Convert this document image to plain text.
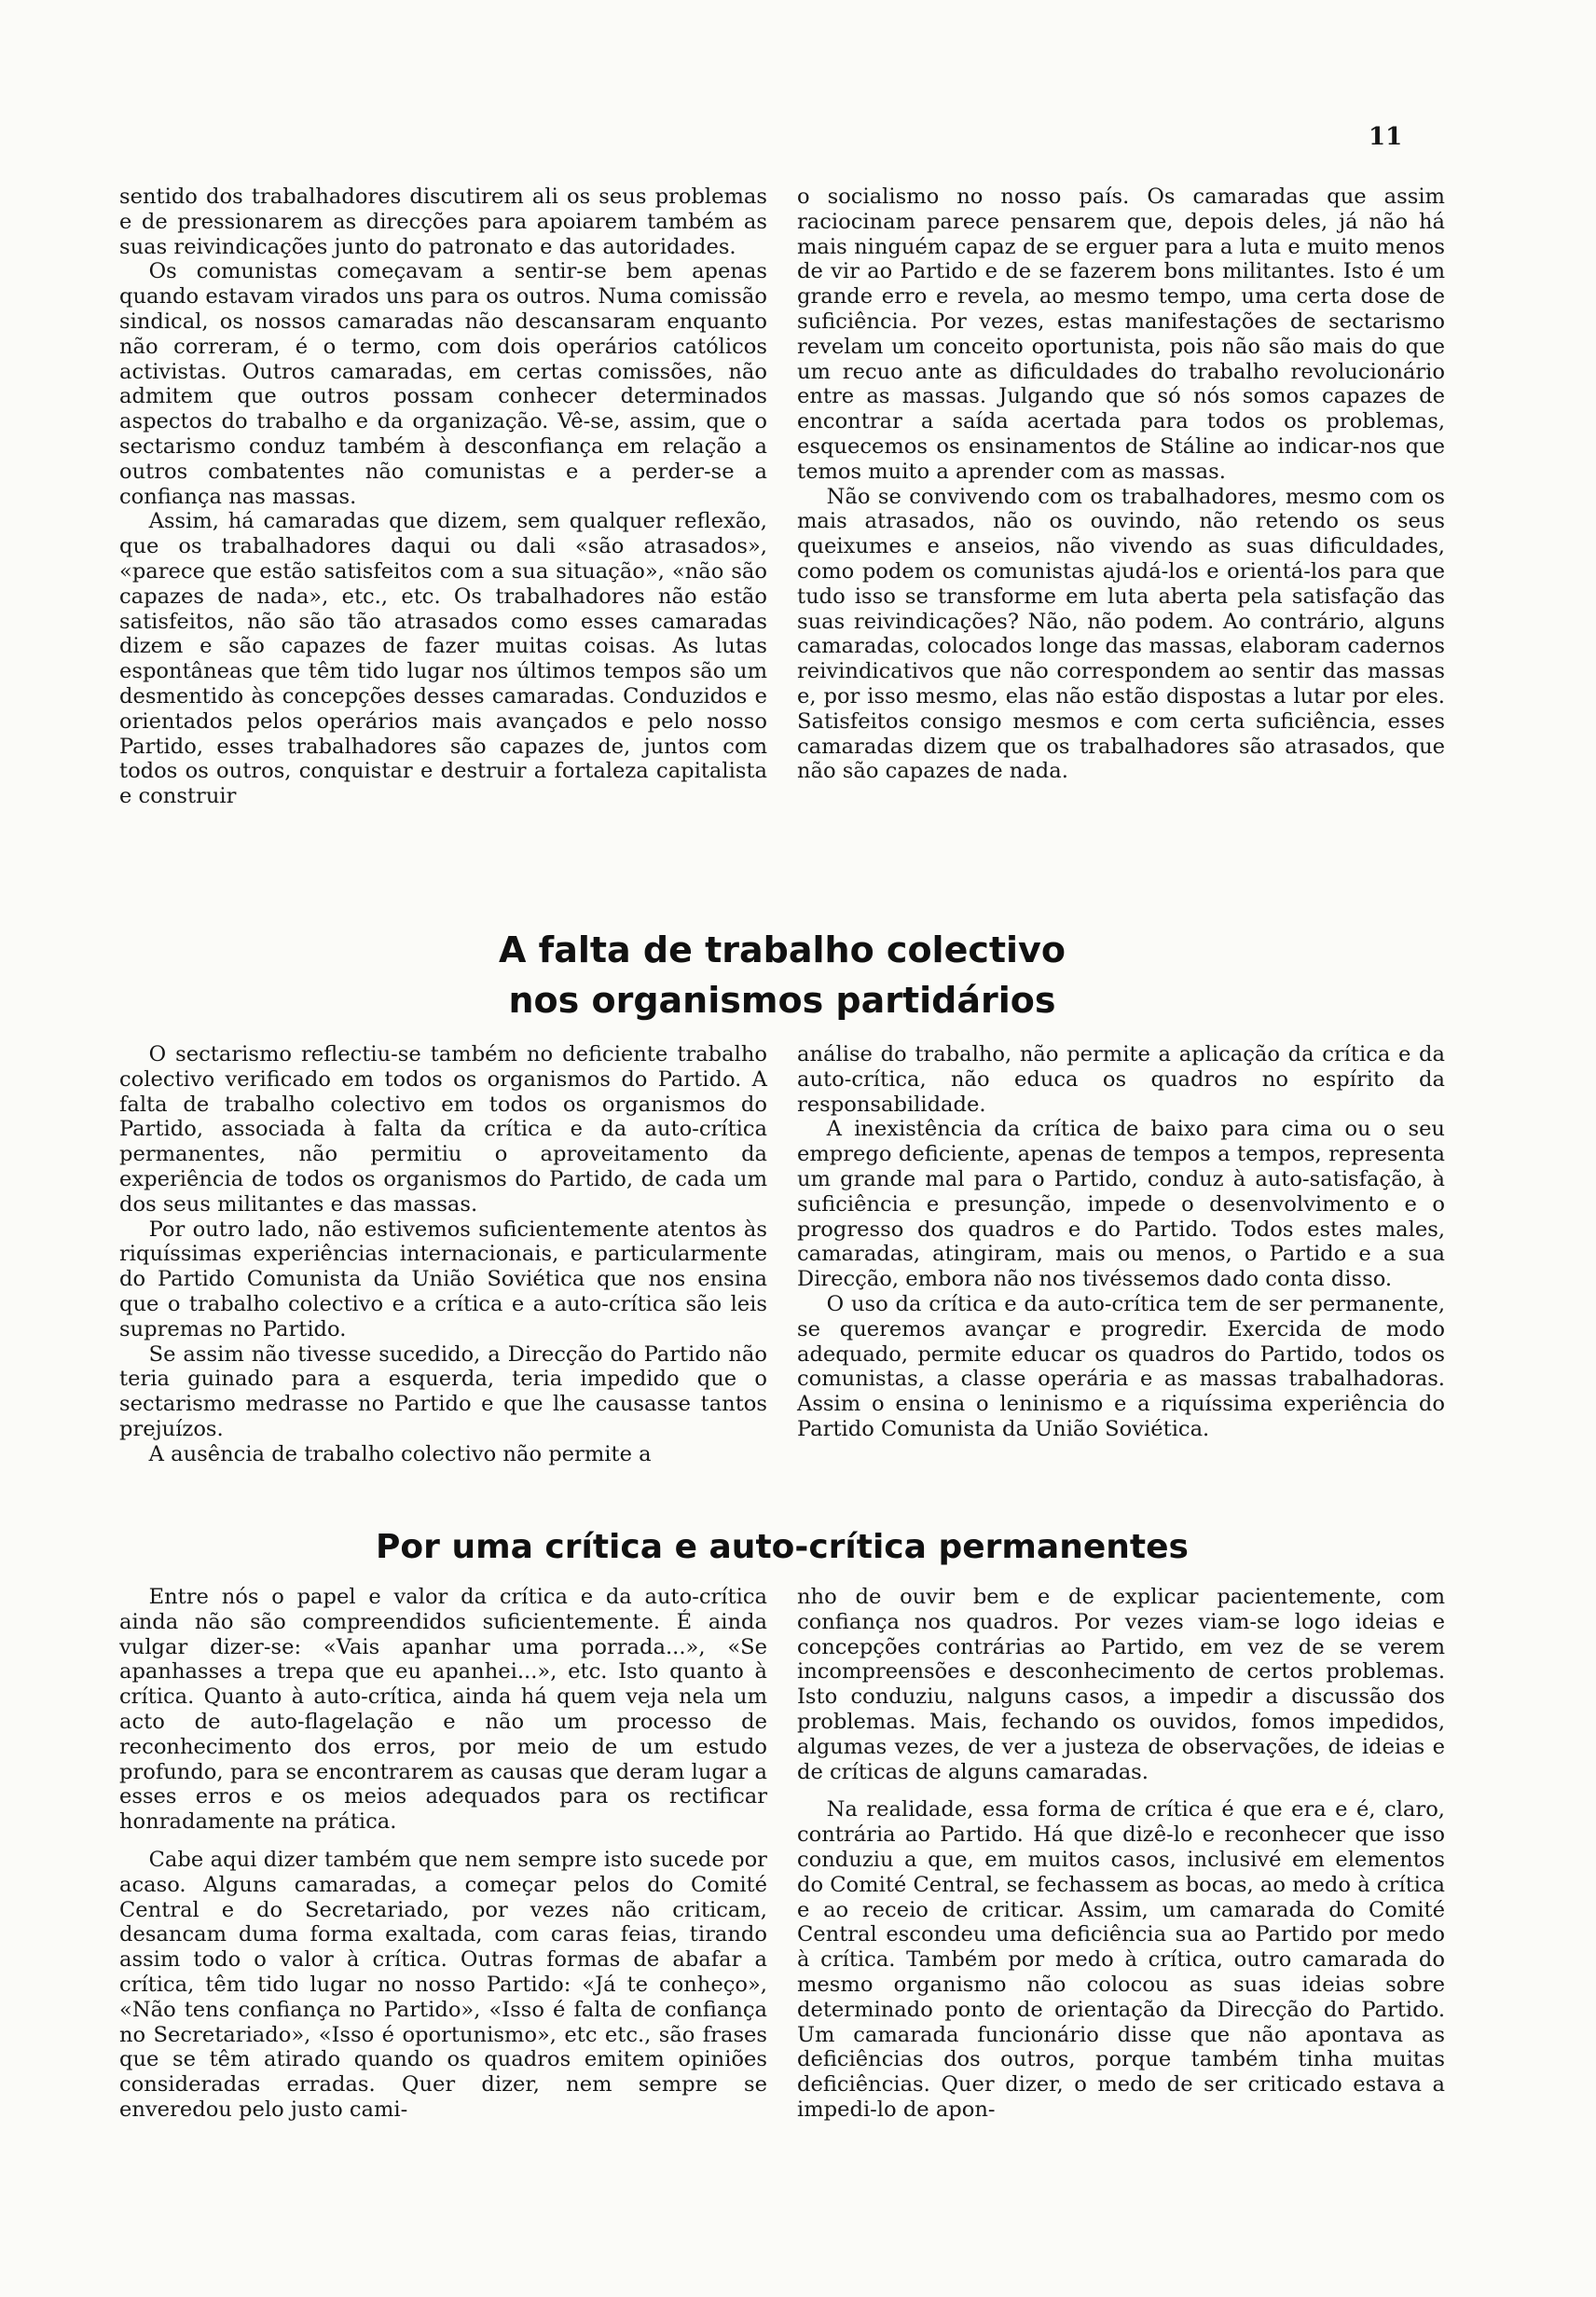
11

sentido dos trabalhadores discutirem ali os seus problemas e de pressionarem as direcções para apoiarem também as suas reivindicações junto do patronato e das autoridades.

Os comunistas começavam a sentir-se bem apenas quando estavam virados uns para os outros. Numa comissão sindical, os nossos camaradas não descansaram enquanto não correram, é o termo, com dois operários católicos activistas. Outros camaradas, em certas comissões, não admitem que outros possam conhecer determinados aspectos do trabalho e da organização. Vê-se, assim, que o sectarismo conduz também à desconfiança em relação a outros combatentes não comunistas e a perder-se a confiança nas massas.

Assim, há camaradas que dizem, sem qualquer reflexão, que os trabalhadores daqui ou dali «são atrasados», «parece que estão satisfeitos com a sua situação», «não são capazes de nada», etc., etc. Os trabalhadores não estão satisfeitos, não são tão atrasados como esses camaradas dizem e são capazes de fazer muitas coisas. As lutas espontâneas que têm tido lugar nos últimos tempos são um desmentido às concepções desses camaradas. Conduzidos e orientados pelos operários mais avançados e pelo nosso Partido, esses trabalhadores são capazes de, juntos com todos os outros, conquistar e destruir a fortaleza capitalista e construir

o socialismo no nosso país. Os camaradas que assim raciocinam parece pensarem que, depois deles, já não há mais ninguém capaz de se erguer para a luta e muito menos de vir ao Partido e de se fazerem bons militantes. Isto é um grande erro e revela, ao mesmo tempo, uma certa dose de suficiência. Por vezes, estas manifestações de sectarismo revelam um conceito oportunista, pois não são mais do que um recuo ante as dificuldades do trabalho revolucionário entre as massas. Julgando que só nós somos capazes de encontrar a saída acertada para todos os problemas, esquecemos os ensinamentos de Stáline ao indicar-nos que temos muito a aprender com as massas.

Não se convivendo com os trabalhadores, mesmo com os mais atrasados, não os ouvindo, não retendo os seus queixumes e anseios, não vivendo as suas dificuldades, como podem os comunistas ajudá-los e orientá-los para que tudo isso se transforme em luta aberta pela satisfação das suas reivindicações? Não, não podem. Ao contrário, alguns camaradas, colocados longe das massas, elaboram cadernos reivindicativos que não correspondem ao sentir das massas e, por isso mesmo, elas não estão dispostas a lutar por eles. Satisfeitos consigo mesmos e com certa suficiência, esses camaradas dizem que os trabalhadores são atrasados, que não são capazes de nada.

A falta de trabalho colectivo
nos organismos partidários

O sectarismo reflectiu-se também no deficiente trabalho colectivo verificado em todos os organismos do Partido. A falta de trabalho colectivo em todos os organismos do Partido, associada à falta da crítica e da auto-crítica permanentes, não permitiu o aproveitamento da experiência de todos os organismos do Partido, de cada um dos seus militantes e das massas.

Por outro lado, não estivemos suficientemente atentos às riquíssimas experiências internacionais, e particularmente do Partido Comunista da União Soviética que nos ensina que o trabalho colectivo e a crítica e a auto-crítica são leis supremas no Partido.

Se assim não tivesse sucedido, a Direcção do Partido não teria guinado para a esquerda, teria impedido que o sectarismo medrasse no Partido e que lhe causasse tantos prejuízos.

A ausência de trabalho colectivo não permite a

análise do trabalho, não permite a aplicação da crítica e da auto-crítica, não educa os quadros no espírito da responsabilidade.

A inexistência da crítica de baixo para cima ou o seu emprego deficiente, apenas de tempos a tempos, representa um grande mal para o Partido, conduz à auto-satisfação, à suficiência e presunção, impede o desenvolvimento e o progresso dos quadros e do Partido. Todos estes males, camaradas, atingiram, mais ou menos, o Partido e a sua Direcção, embora não nos tivéssemos dado conta disso.

O uso da crítica e da auto-crítica tem de ser permanente, se queremos avançar e progredir. Exercida de modo adequado, permite educar os quadros do Partido, todos os comunistas, a classe operária e as massas trabalhadoras. Assim o ensina o leninismo e a riquíssima experiência do Partido Comunista da União Soviética.

Por uma crítica e auto-crítica permanentes

Entre nós o papel e valor da crítica e da auto-crítica ainda não são compreendidos suficientemente. É ainda vulgar dizer-se: «Vais apanhar uma porrada...», «Se apanhasses a trepa que eu apanhei...», etc. Isto quanto à crítica. Quanto à auto-crítica, ainda há quem veja nela um acto de auto-flagelação e não um processo de reconhecimento dos erros, por meio de um estudo profundo, para se encontrarem as causas que deram lugar a esses erros e os meios adequados para os rectificar honradamente na prática.

Cabe aqui dizer também que nem sempre isto sucede por acaso. Alguns camaradas, a começar pelos do Comité Central e do Secretariado, por vezes não criticam, desancam duma forma exaltada, com caras feias, tirando assim todo o valor à crítica. Outras formas de abafar a crítica, têm tido lugar no nosso Partido: «Já te conheço», «Não tens confiança no Partido», «Isso é falta de confiança no Secretariado», «Isso é oportunismo», etc etc., são frases que se têm atirado quando os quadros emitem opiniões consideradas erradas. Quer dizer, nem sempre se enveredou pelo justo cami-

nho de ouvir bem e de explicar pacientemente, com confiança nos quadros. Por vezes viam-se logo ideias e concepções contrárias ao Partido, em vez de se verem incompreensões e desconhecimento de certos problemas. Isto conduziu, nalguns casos, a impedir a discussão dos problemas. Mais, fechando os ouvidos, fomos impedidos, algumas vezes, de ver a justeza de observações, de ideias e de críticas de alguns camaradas.

Na realidade, essa forma de crítica é que era e é, claro, contrária ao Partido. Há que dizê-lo e reconhecer que isso conduziu a que, em muitos casos, inclusivé em elementos do Comité Central, se fechassem as bocas, ao medo à crítica e ao receio de criticar. Assim, um camarada do Comité Central escondeu uma deficiência sua ao Partido por medo à crítica. Também por medo à crítica, outro camarada do mesmo organismo não colocou as suas ideias sobre determinado ponto de orientação da Direcção do Partido. Um camarada funcionário disse que não apontava as deficiências dos outros, porque também tinha muitas deficiências. Quer dizer, o medo de ser criticado estava a impedi-lo de apon-
